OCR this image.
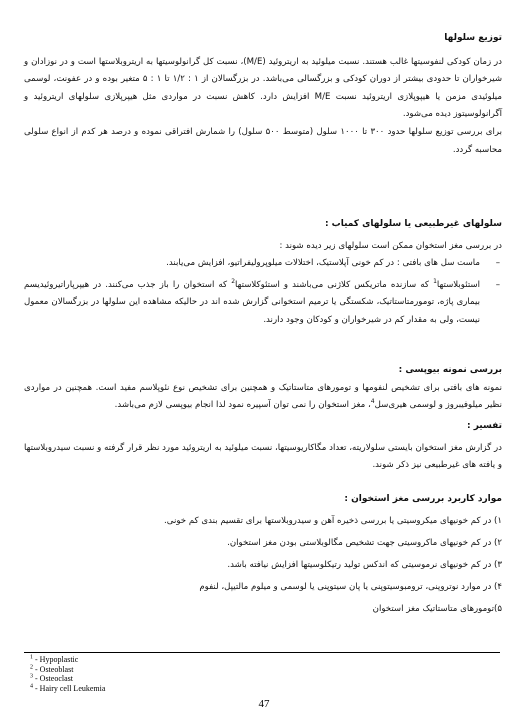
توزیع سلولها

در زمان کودکی لنفوسیتها غالب هستند. نسبت میلوئید به اریتروئید (M/E)، نسبت کل گرانولوسیتها به اریتروبلاستها است و در نوزادان و شیرخواران تا حدودی بیشتر از دوران کودکی و بزرگسالی می‌باشد. در بزرگسالان از ۱ : ۱/۲ تا ۱ : ۵ متغیر بوده و در عفونت، لوسمی میلوئیدی مزمن یا هیپوپلازی اریتروئید نسبت M/E افزایش دارد. کاهش نسبت در مواردی مثل هیپرپلازی سلولهای اریتروئید و آگرانولوسیتوز دیده می‌شود.

برای بررسی توزیع سلولها حدود ۳۰۰ تا ۱۰۰۰ سلول (متوسط ۵۰۰ سلول) را شمارش افتراقی نموده و درصد هر کدم از انواع سلولی محاسبه گردد.

سلولهای غیرطبیعی یا سلولهای کمیاب :

در بررسی مغز استخوان ممکن است سلولهای زیر دیده شوند :

–
ماست سل های بافتی : در کم خونی آپلاستیک، اختلالات میلوپرولیفراتیو، افزایش می‌یابند.

–
استئوبلاستها$^1$ که سازنده ماتریکس کلاژنی می‌باشند و استئوکلاستها$^2$ که استخوان را باز جذب می‌کنند. در هیپرپاراتیروئیدیسم بیماری پاژه، تومورمتاستاتیک، شکستگی یا ترمیم استخوانی گزارش شده اند در حالیکه مشاهده این سلولها در بزرگسالان معمول نیست، ولی به مقدار کم در شیرخواران و کودکان وجود دارند.

بررسی نمونه بیوپسی :

نمونه های بافتی برای تشخیص لنفومها و تومورهای متاستاتیک و همچنین برای تشخیص نوع نئوپلاسم مفید است. همچنین در مواردی نظیر میلوفیبروز و لوسمی هیری‌سل$^4$، مغز استخوان را نمی توان آسپیره نمود لذا انجام بیوپسی لازم می‌باشد.

تفسیر :

در گزارش مغز استخوان بایستی سلولاریته، تعداد مگاکاریوسیتها، نسبت میلوئید به اریتروئید مورد نظر قرار گرفته و نسبت سیدروبلاستها و یافته های غیرطبیعی نیز ذکر شوند.

موارد کاربرد بررسی مغز استخوان :
۱) در کم خونیهای میکروسیتی یا بررسی ذخیره آهن و سیدروبلاستها برای تقسیم بندی کم خونی.
۲) در کم خونیهای ماکروسیتی جهت تشخیص مگالوبلاستی بودن مغز استخوان.
۳) در کم خونیهای نرموسیتی که اندکس تولید رتیکلوسیتها افزایش نیافته باشد.
۴) در موارد نوتروپنی، ترومبوسیتوپنی یا پان سیتوپنی یا لوسمی و میلوم مالتیپل، لنفوم
۵)تومورهای متاستاتیک مغز استخوان
$^1$ - Hypoplastic
$^2$ - Osteoblast
$^3$ - Osteoclast
$^4$ - Hairy cell Leukemia
47
